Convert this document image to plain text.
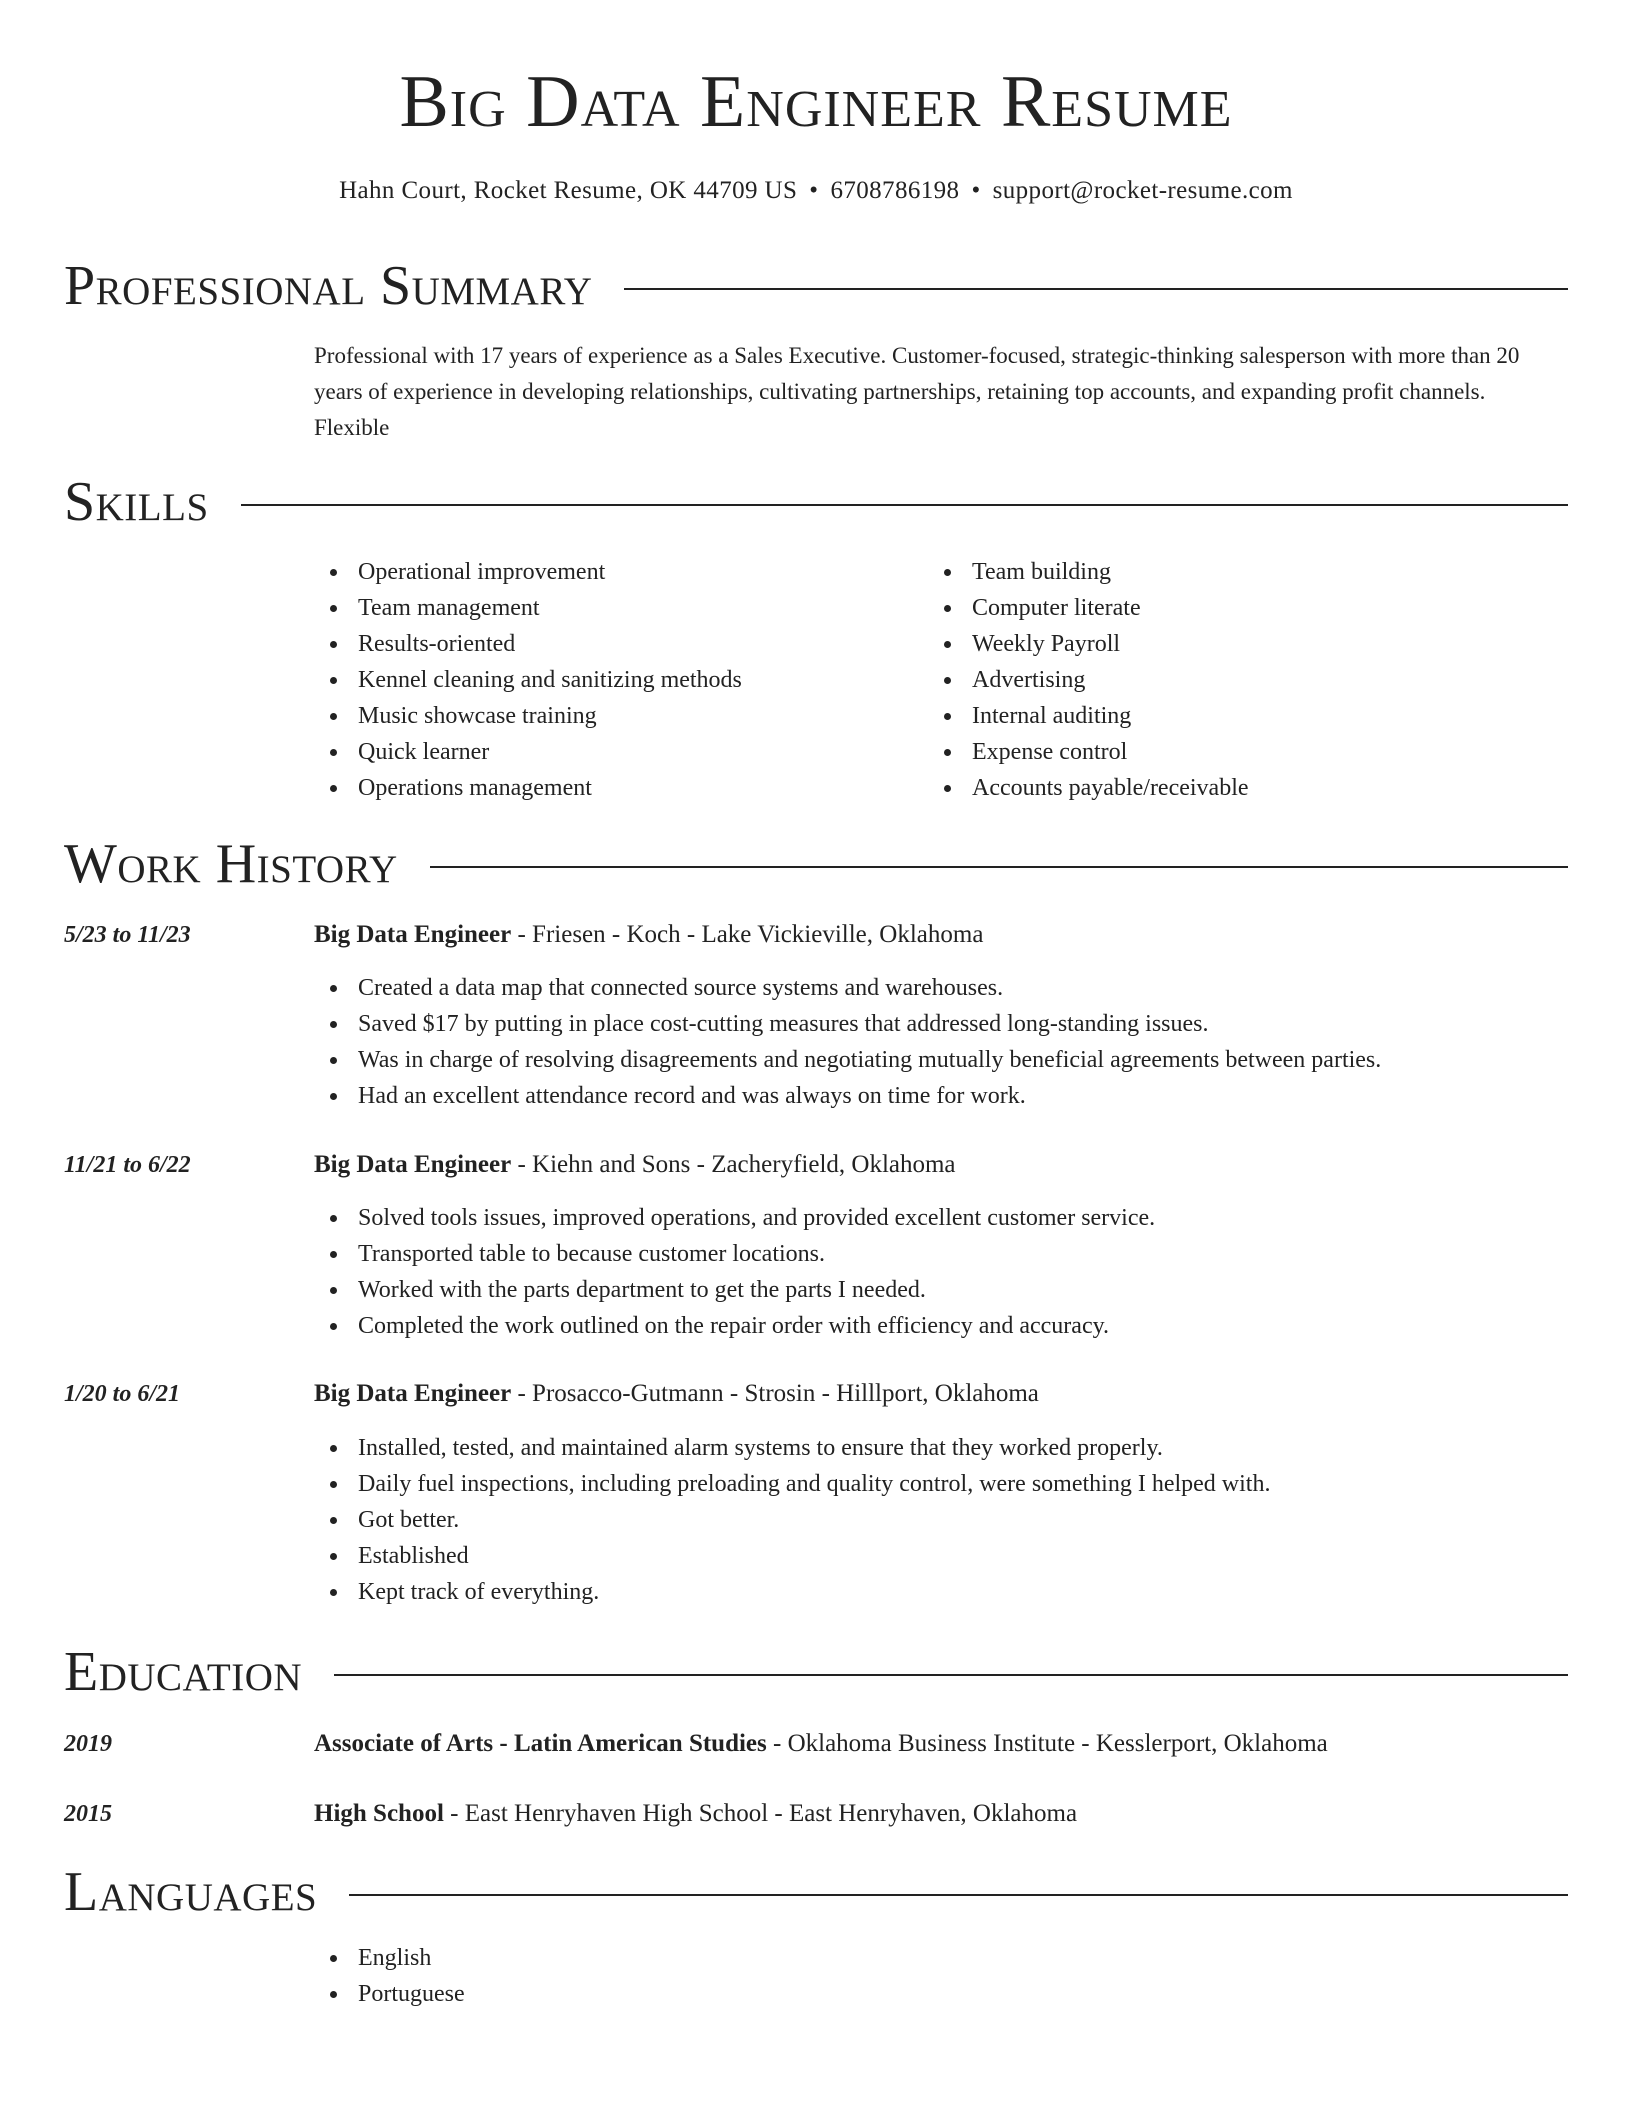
Big Data Engineer Resume
Hahn Court, Rocket Resume, OK 44709 US • 6708786198 • support@rocket-resume.com
Professional Summary
Professional with 17 years of experience as a Sales Executive. Customer-focused, strategic-thinking salesperson with more than 20 years of experience in developing relationships, cultivating partnerships, retaining top accounts, and expanding profit channels. Flexible
Skills
Operational improvement
Team management
Results-oriented
Kennel cleaning and sanitizing methods
Music showcase training
Quick learner
Operations management
Team building
Computer literate
Weekly Payroll
Advertising
Internal auditing
Expense control
Accounts payable/receivable
Work History
5/23 to 11/23	Big Data Engineer - Friesen - Koch - Lake Vickieville, Oklahoma
Created a data map that connected source systems and warehouses.
Saved $17 by putting in place cost-cutting measures that addressed long-standing issues.
Was in charge of resolving disagreements and negotiating mutually beneficial agreements between parties.
Had an excellent attendance record and was always on time for work.
11/21 to 6/22	Big Data Engineer - Kiehn and Sons - Zacheryfield, Oklahoma
Solved tools issues, improved operations, and provided excellent customer service.
Transported table to because customer locations.
Worked with the parts department to get the parts I needed.
Completed the work outlined on the repair order with efficiency and accuracy.
1/20 to 6/21	Big Data Engineer - Prosacco-Gutmann - Strosin - Hilllport, Oklahoma
Installed, tested, and maintained alarm systems to ensure that they worked properly.
Daily fuel inspections, including preloading and quality control, were something I helped with.
Got better.
Established
Kept track of everything.
Education
2019	Associate of Arts - Latin American Studies - Oklahoma Business Institute - Kesslerport, Oklahoma
2015	High School - East Henryhaven High School - East Henryhaven, Oklahoma
Languages
English
Portuguese
